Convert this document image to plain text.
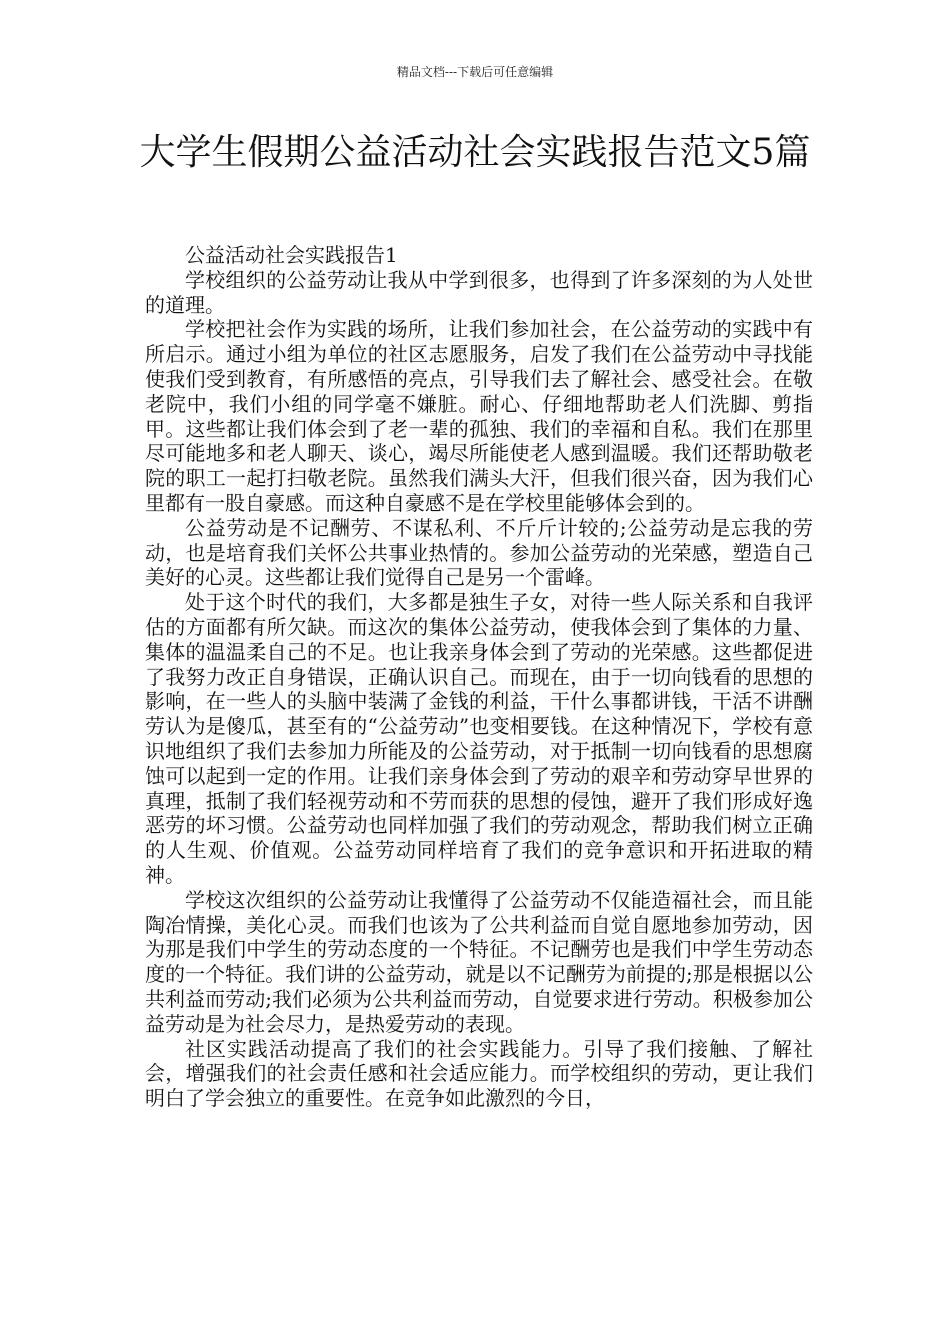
精品文档---下载后可任意编辑
大学生假期公益活动社会实践报告范文5篇

公益活动社会实践报告1

学校组织的公益劳动让我从中学到很多，也得到了许多深刻的为人处世的道理。

学校把社会作为实践的场所，让我们参加社会，在公益劳动的实践中有所启示。通过小组为单位的社区志愿服务，启发了我们在公益劳动中寻找能使我们受到教育，有所感悟的亮点，引导我们去了解社会、感受社会。在敬老院中，我们小组的同学毫不嫌脏。耐心、仔细地帮助老人们洗脚、剪指甲。这些都让我们体会到了老一辈的孤独、我们的幸福和自私。我们在那里尽可能地多和老人聊天、谈心，竭尽所能使老人感到温暖。我们还帮助敬老院的职工一起打扫敬老院。虽然我们满头大汗，但我们很兴奋，因为我们心里都有一股自豪感。而这种自豪感不是在学校里能够体会到的。

公益劳动是不记酬劳、不谋私利、不斤斤计较的;公益劳动是忘我的劳动，也是培育我们关怀公共事业热情的。参加公益劳动的光荣感，塑造自己美好的心灵。这些都让我们觉得自己是另一个雷峰。

处于这个时代的我们，大多都是独生子女，对待一些人际关系和自我评估的方面都有所欠缺。而这次的集体公益劳动，使我体会到了集体的力量、集体的温温柔自己的不足。也让我亲身体会到了劳动的光荣感。这些都促进了我努力改正自身错误，正确认识自己。而现在，由于一切向钱看的思想的影响，在一些人的头脑中装满了金钱的利益，干什么事都讲钱，干活不讲酬劳认为是傻瓜，甚至有的“公益劳动”也变相要钱。在这种情况下，学校有意识地组织了我们去参加力所能及的公益劳动，对于抵制一切向钱看的思想腐蚀可以起到一定的作用。让我们亲身体会到了劳动的艰辛和劳动穿早世界的真理，抵制了我们轻视劳动和不劳而获的思想的侵蚀，避开了我们形成好逸恶劳的坏习惯。公益劳动也同样加强了我们的劳动观念，帮助我们树立正确的人生观、价值观。公益劳动同样培育了我们的竞争意识和开拓进取的精神。

学校这次组织的公益劳动让我懂得了公益劳动不仅能造福社会，而且能陶冶情操，美化心灵。而我们也该为了公共利益而自觉自愿地参加劳动，因为那是我们中学生的劳动态度的一个特征。不记酬劳也是我们中学生劳动态度的一个特征。我们讲的公益劳动，就是以不记酬劳为前提的;那是根据以公共利益而劳动;我们必须为公共利益而劳动，自觉要求进行劳动。积极参加公益劳动是为社会尽力，是热爱劳动的表现。

社区实践活动提高了我们的社会实践能力。引导了我们接触、了解社会，增强我们的社会责任感和社会适应能力。而学校组织的劳动，更让我们明白了学会独立的重要性。在竞争如此激烈的今日，
